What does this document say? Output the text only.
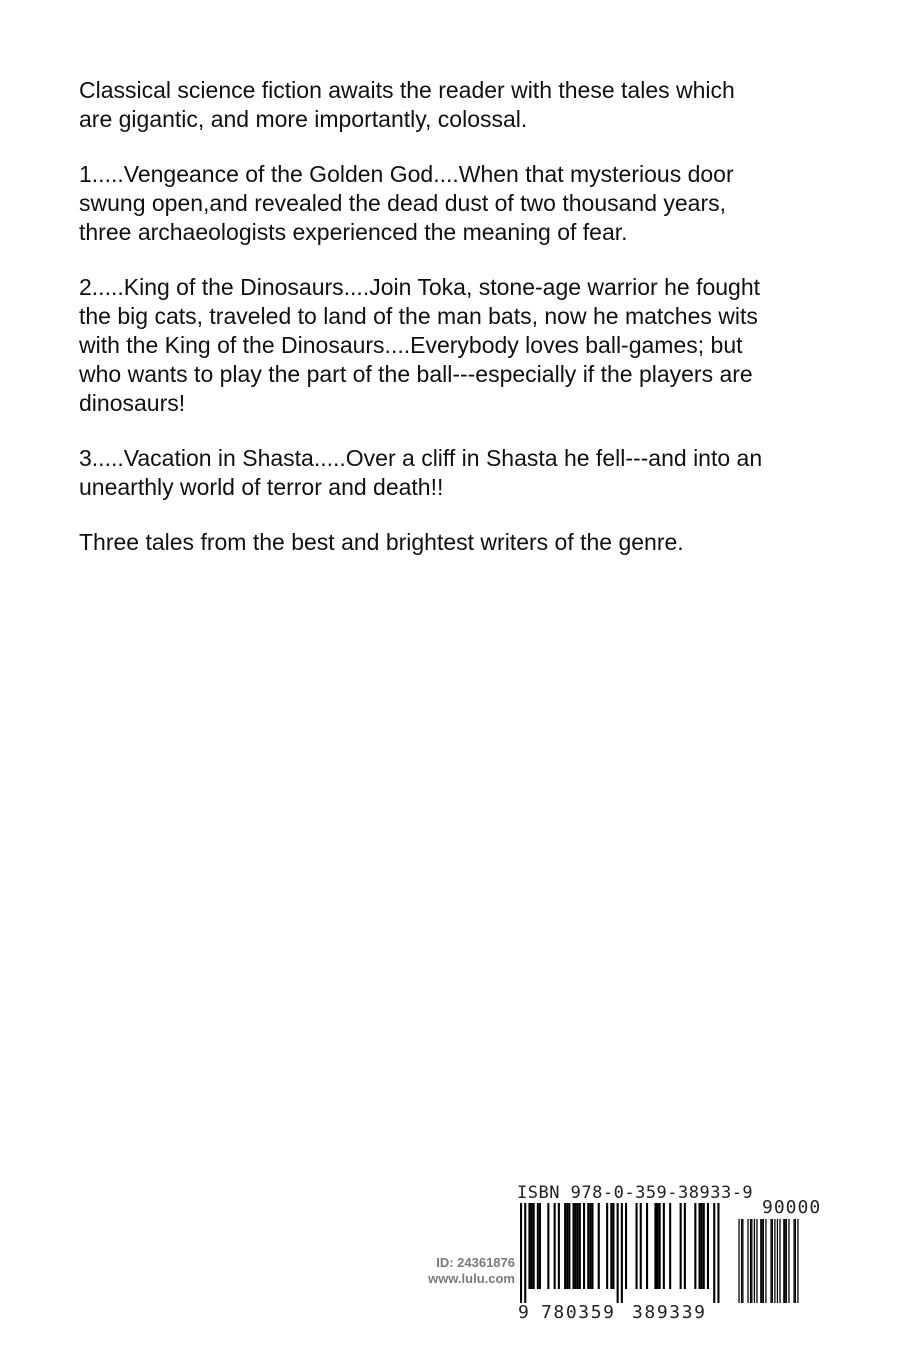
Classical science fiction awaits the reader with these tales which
are gigantic, and more importantly, colossal.

1.....Vengeance of the Golden God....When that mysterious door
swung open,and revealed the dead dust of two thousand years,
three archaeologists experienced the meaning of fear.

2.....King of the Dinosaurs....Join Toka, stone-age warrior he fought
the big cats, traveled to land of the man bats, now he matches wits
with the King of the Dinosaurs....Everybody loves ball-games; but
who wants to play the part of the ball---especially if the players are
dinosaurs!

3.....Vacation in Shasta.....Over a cliff in Shasta he fell---and into an
unearthly world of terror and death!!

Three tales from the best and brightest writers of the genre.

ID: 24361876
www.lulu.com
ISBN 978-0-359-38933-9
90000
9 780359 389339
